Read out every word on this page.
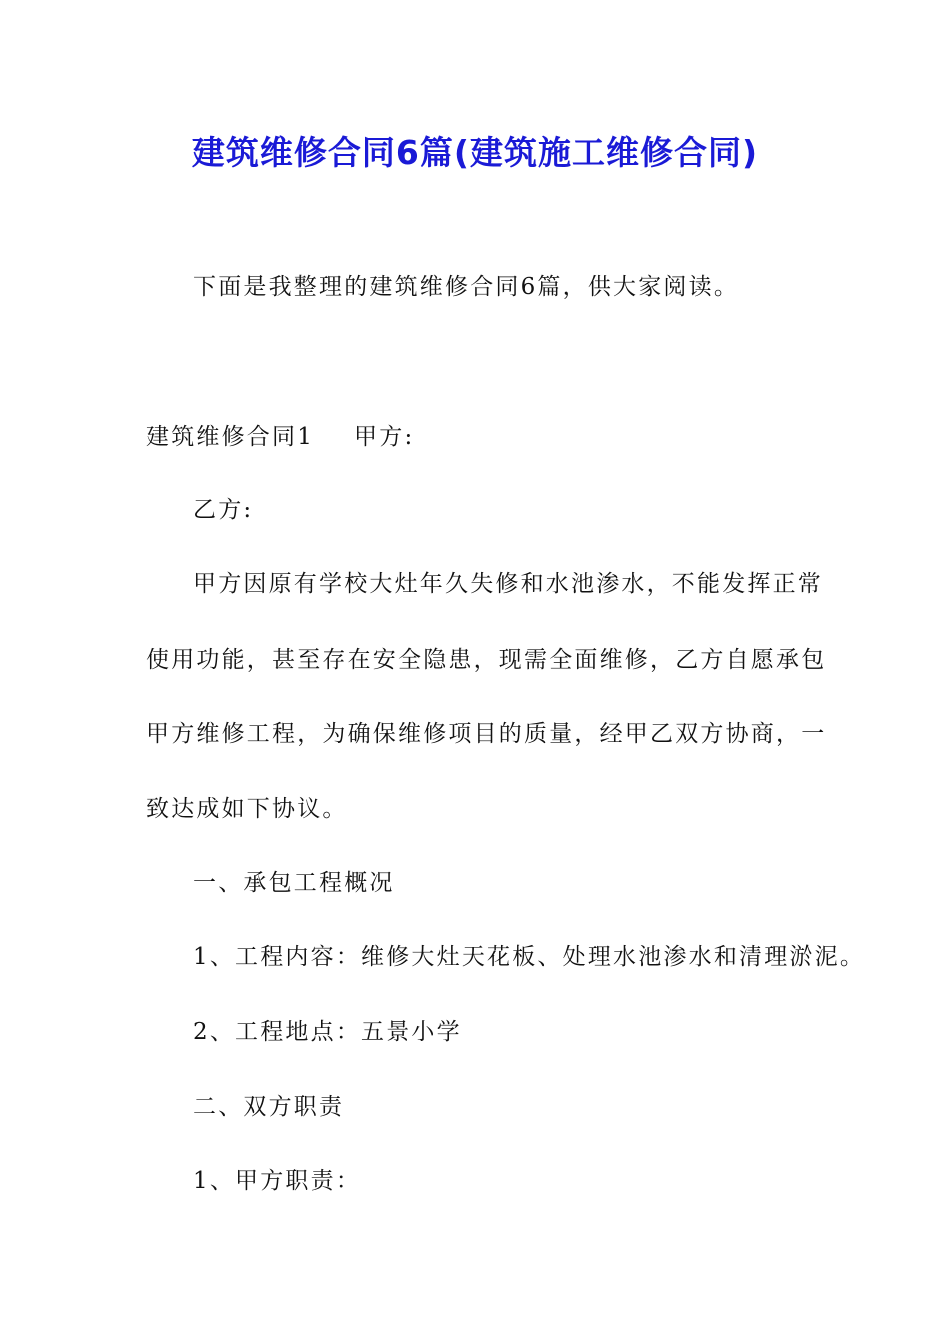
建筑维修合同6篇(建筑施工维修合同)
下面是我整理的建筑维修合同6篇，供大家阅读。
建筑维修合同1 甲方:
乙方:
甲方因原有学校大灶年久失修和水池渗水，不能发挥正常
使用功能，甚至存在安全隐患，现需全面维修，乙方自愿承包
甲方维修工程，为确保维修项目的质量，经甲乙双方协商，一
致达成如下协议。
一、承包工程概况
1、工程内容：维修大灶天花板、处理水池渗水和清理淤泥。
2、工程地点：五景小学
二、双方职责
1、甲方职责：
